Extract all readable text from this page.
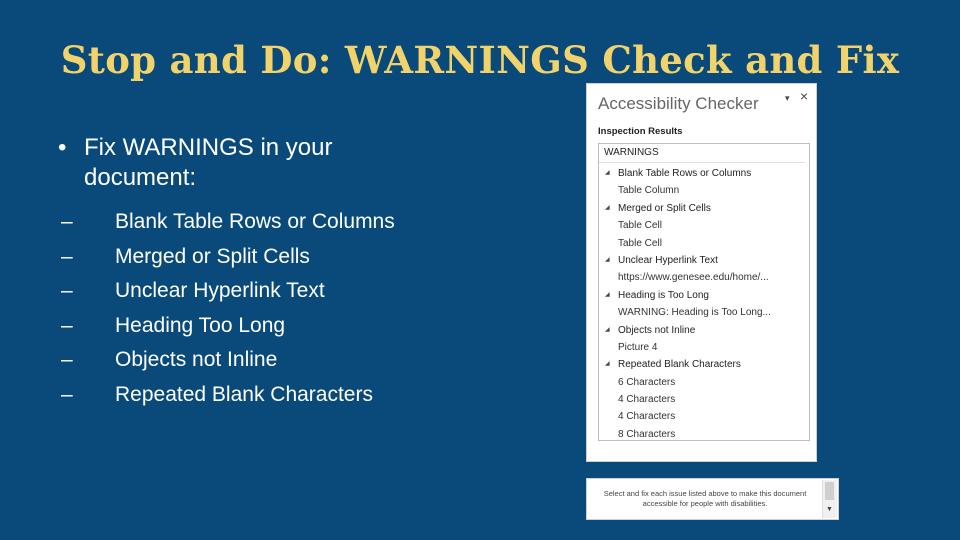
Stop and Do: WARNINGS Check and Fix
• Fix WARNINGS in your document:
– Blank Table Rows or Columns
– Merged or Split Cells
– Unclear Hyperlink Text
– Heading Too Long
– Objects not Inline
– Repeated Blank Characters
Accessibility Checker	▾ ×
Inspection Results
WARNINGS
◢ Blank Table Rows or Columns
Table Column
◢ Merged or Split Cells
Table Cell
Table Cell
◢ Unclear Hyperlink Text
https://www.genesee.edu/home/...
◢ Heading is Too Long
WARNING: Heading is Too Long...
◢ Objects not Inline
Picture 4
◢ Repeated Blank Characters
6 Characters
4 Characters
4 Characters
8 Characters
Select and fix each issue listed above to make this document accessible for people with disabilities.
▼
